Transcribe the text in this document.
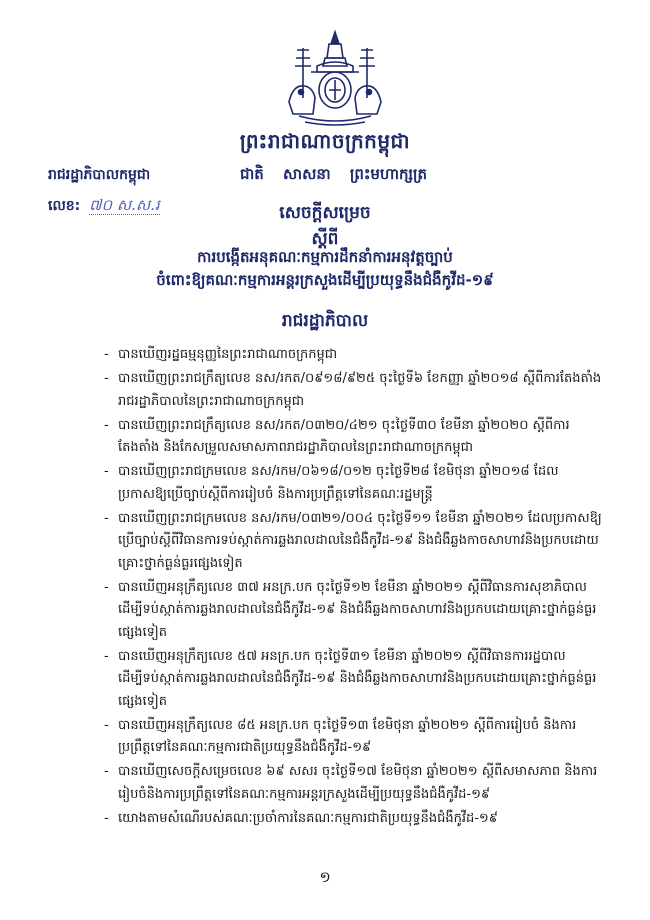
ព្រះរាជាណាចក្រកម្ពុជា
រាជរដ្ឋាភិបាលកម្ពុជា	ជាតិ សាសនា ព្រះមហាក្សត្រ
លេខ: ៧០ ស.ស.រ	សេចក្តីសម្រេច
ស្តីពី
ការបង្កើតអនុគណៈកម្មការដឹកនាំការអនុវត្តច្បាប់
ចំពោះឱ្យគណៈកម្មការអន្តរក្រសួងដើម្បីប្រយុទ្ធនឹងជំងឺកូវីដ-១៩
រាជរដ្ឋាភិបាល
- បានឃើញរដ្ឋធម្មនុញ្ញនៃព្រះរាជាណាចក្រកម្ពុជា
- បានឃើញព្រះរាជក្រឹត្យលេខ នស/រកត/០៩១៨/៩២៥ ចុះថ្ងៃទី៦ ខែកញ្ញា ឆ្នាំ២០១៨ ស្តីពីការតែងតាំងរាជរដ្ឋាភិបាលនៃព្រះរាជាណាចក្រកម្ពុជា
- បានឃើញព្រះរាជក្រឹត្យលេខ នស/រកត/០៣២០/៤២១ ចុះថ្ងៃទី៣០ ខែមីនា ឆ្នាំ២០២០ ស្តីពីការតែងតាំង និងកែសម្រួលសមាសភាពរាជរដ្ឋាភិបាលនៃព្រះរាជាណាចក្រកម្ពុជា
- បានឃើញព្រះរាជក្រមលេខ នស/រកម/០៦១៨/០១២ ចុះថ្ងៃទី២៨ ខែមិថុនា ឆ្នាំ២០១៨ ដែលប្រកាសឱ្យប្រើច្បាប់ស្តីពីការរៀបចំ និងការប្រព្រឹត្តទៅនៃគណៈរដ្ឋមន្ត្រី
- បានឃើញព្រះរាជក្រមលេខ នស/រកម/០៣២១/០០៤ ចុះថ្ងៃទី១១ ខែមីនា ឆ្នាំ២០២១ ដែលប្រកាសឱ្យប្រើច្បាប់ស្តីពីវិធានការទប់ស្កាត់ការឆ្លងរាលដាលនៃជំងឺកូវីដ-១៩ និងជំងឺឆ្លងកាចសាហាវនិងប្រកបដោយគ្រោះថ្នាក់ធ្ងន់ធ្ងរផ្សេងទៀត
- បានឃើញអនុក្រឹត្យលេខ ៣៧ អនក្រ.បក ចុះថ្ងៃទី១២ ខែមីនា ឆ្នាំ២០២១ ស្តីពីវិធានការសុខាភិបាលដើម្បីទប់ស្កាត់ការឆ្លងរាលដាលនៃជំងឺកូវីដ-១៩ និងជំងឺឆ្លងកាចសាហាវនិងប្រកបដោយគ្រោះថ្នាក់ធ្ងន់ធ្ងរផ្សេងទៀត
- បានឃើញអនុក្រឹត្យលេខ ៥៧ អនក្រ.បក ចុះថ្ងៃទី៣១ ខែមីនា ឆ្នាំ២០២១ ស្តីពីវិធានការរដ្ឋបាលដើម្បីទប់ស្កាត់ការឆ្លងរាលដាលនៃជំងឺកូវីដ-១៩ និងជំងឺឆ្លងកាចសាហាវនិងប្រកបដោយគ្រោះថ្នាក់ធ្ងន់ធ្ងរផ្សេងទៀត
- បានឃើញអនុក្រឹត្យលេខ ៨៥ អនក្រ.បក ចុះថ្ងៃទី១៣ ខែមិថុនា ឆ្នាំ២០២១ ស្តីពីការរៀបចំ និងការប្រព្រឹត្តទៅនៃគណៈកម្មការជាតិប្រយុទ្ធនឹងជំងឺកូវីដ-១៩
- បានឃើញសេចក្តីសម្រេចលេខ ៦៩ សសរ ចុះថ្ងៃទី១៧ ខែមិថុនា ឆ្នាំ២០២១ ស្តីពីសមាសភាព និងការរៀបចំនិងការប្រព្រឹត្តទៅនៃគណៈកម្មការអន្តរក្រសួងដើម្បីប្រយុទ្ធនឹងជំងឺកូវីដ-១៩
- យោងតាមសំណើរបស់គណៈប្រចាំការនៃគណៈកម្មការជាតិប្រយុទ្ធនឹងជំងឺកូវីដ-១៩
១
